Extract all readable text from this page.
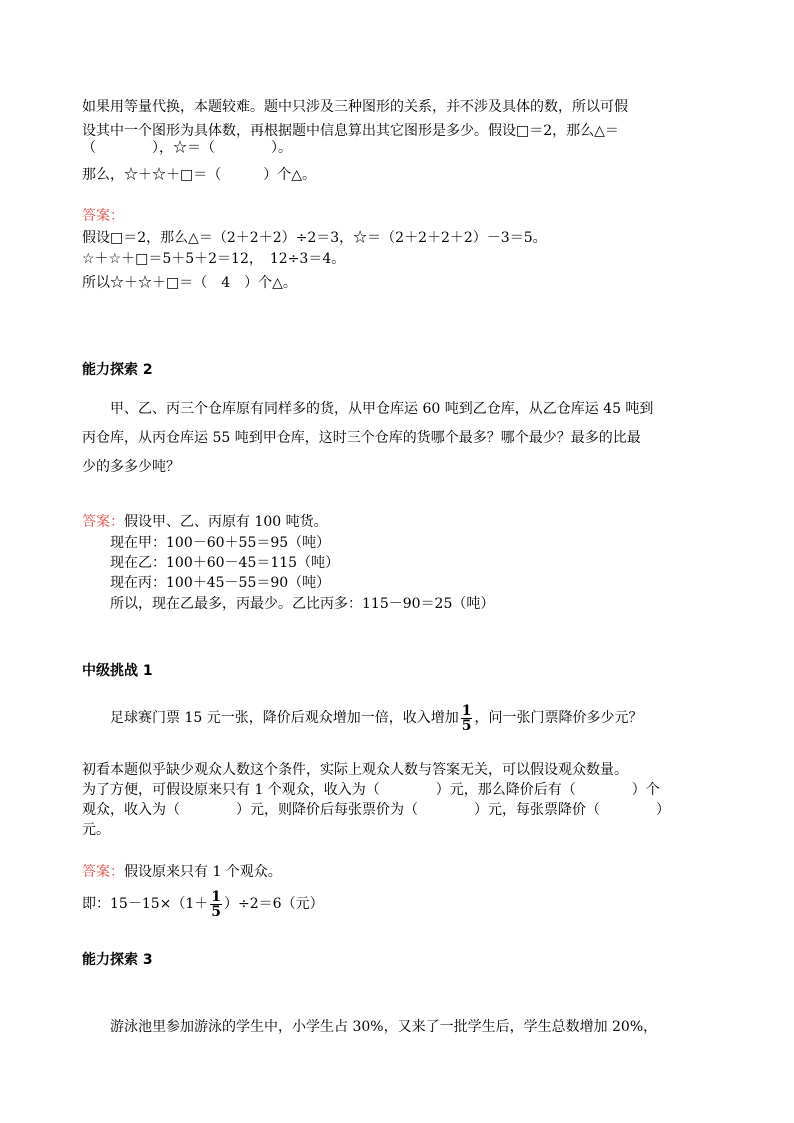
如果用等量代换，本题较难。题中只涉及三种图形的关系，并不涉及具体的数，所以可假
设其中一个图形为具体数，再根据题中信息算出其它图形是多少。假设□＝2，那么△＝
（　　　　），☆＝（　　　　）。
那么，☆＋☆＋□＝（　　　）个△。
答案：
假设□＝2，那么△＝（2＋2＋2）÷2＝3，☆＝（2＋2＋2＋2）－3＝5。
☆＋☆＋□＝5＋5＋2＝12，　12÷3＝4。
所以☆＋☆＋□＝（　4　）个△。
能力探索 2
　　甲、乙、丙三个仓库原有同样多的货，从甲仓库运 60 吨到乙仓库，从乙仓库运 45 吨到
丙仓库，从丙仓库运 55 吨到甲仓库，这时三个仓库的货哪个最多？哪个最少？最多的比最
少的多多少吨？
答案：假设甲、乙、丙原有 100 吨货。
　　现在甲：100－60＋55＝95（吨）
　　现在乙：100＋60－45＝115（吨）
　　现在丙：100＋45－55＝90（吨）
　　所以，现在乙最多，丙最少。乙比丙多：115－90＝25（吨）
中级挑战 1
　　足球赛门票 15 元一张，降价后观众增加一倍，收入增加 $\frac{1}{5}$ ，问一张门票降价多少元？
初看本题似乎缺少观众人数这个条件，实际上观众人数与答案无关，可以假设观众数量。
为了方便，可假设原来只有 1 个观众，收入为（　　　　）元，那么降价后有（　　　　）个
观众，收入为（　　　　）元，则降价后每张票价为（　　　　）元，每张票降价（　　　　）
元。
答案：假设原来只有 1 个观众。
即：$15-15\times(1+ \frac{1}{5} )\div 2=6$（元）
能力探索 3
　　游泳池里参加游泳的学生中，小学生占 30%，又来了一批学生后，学生总数增加 20%，
